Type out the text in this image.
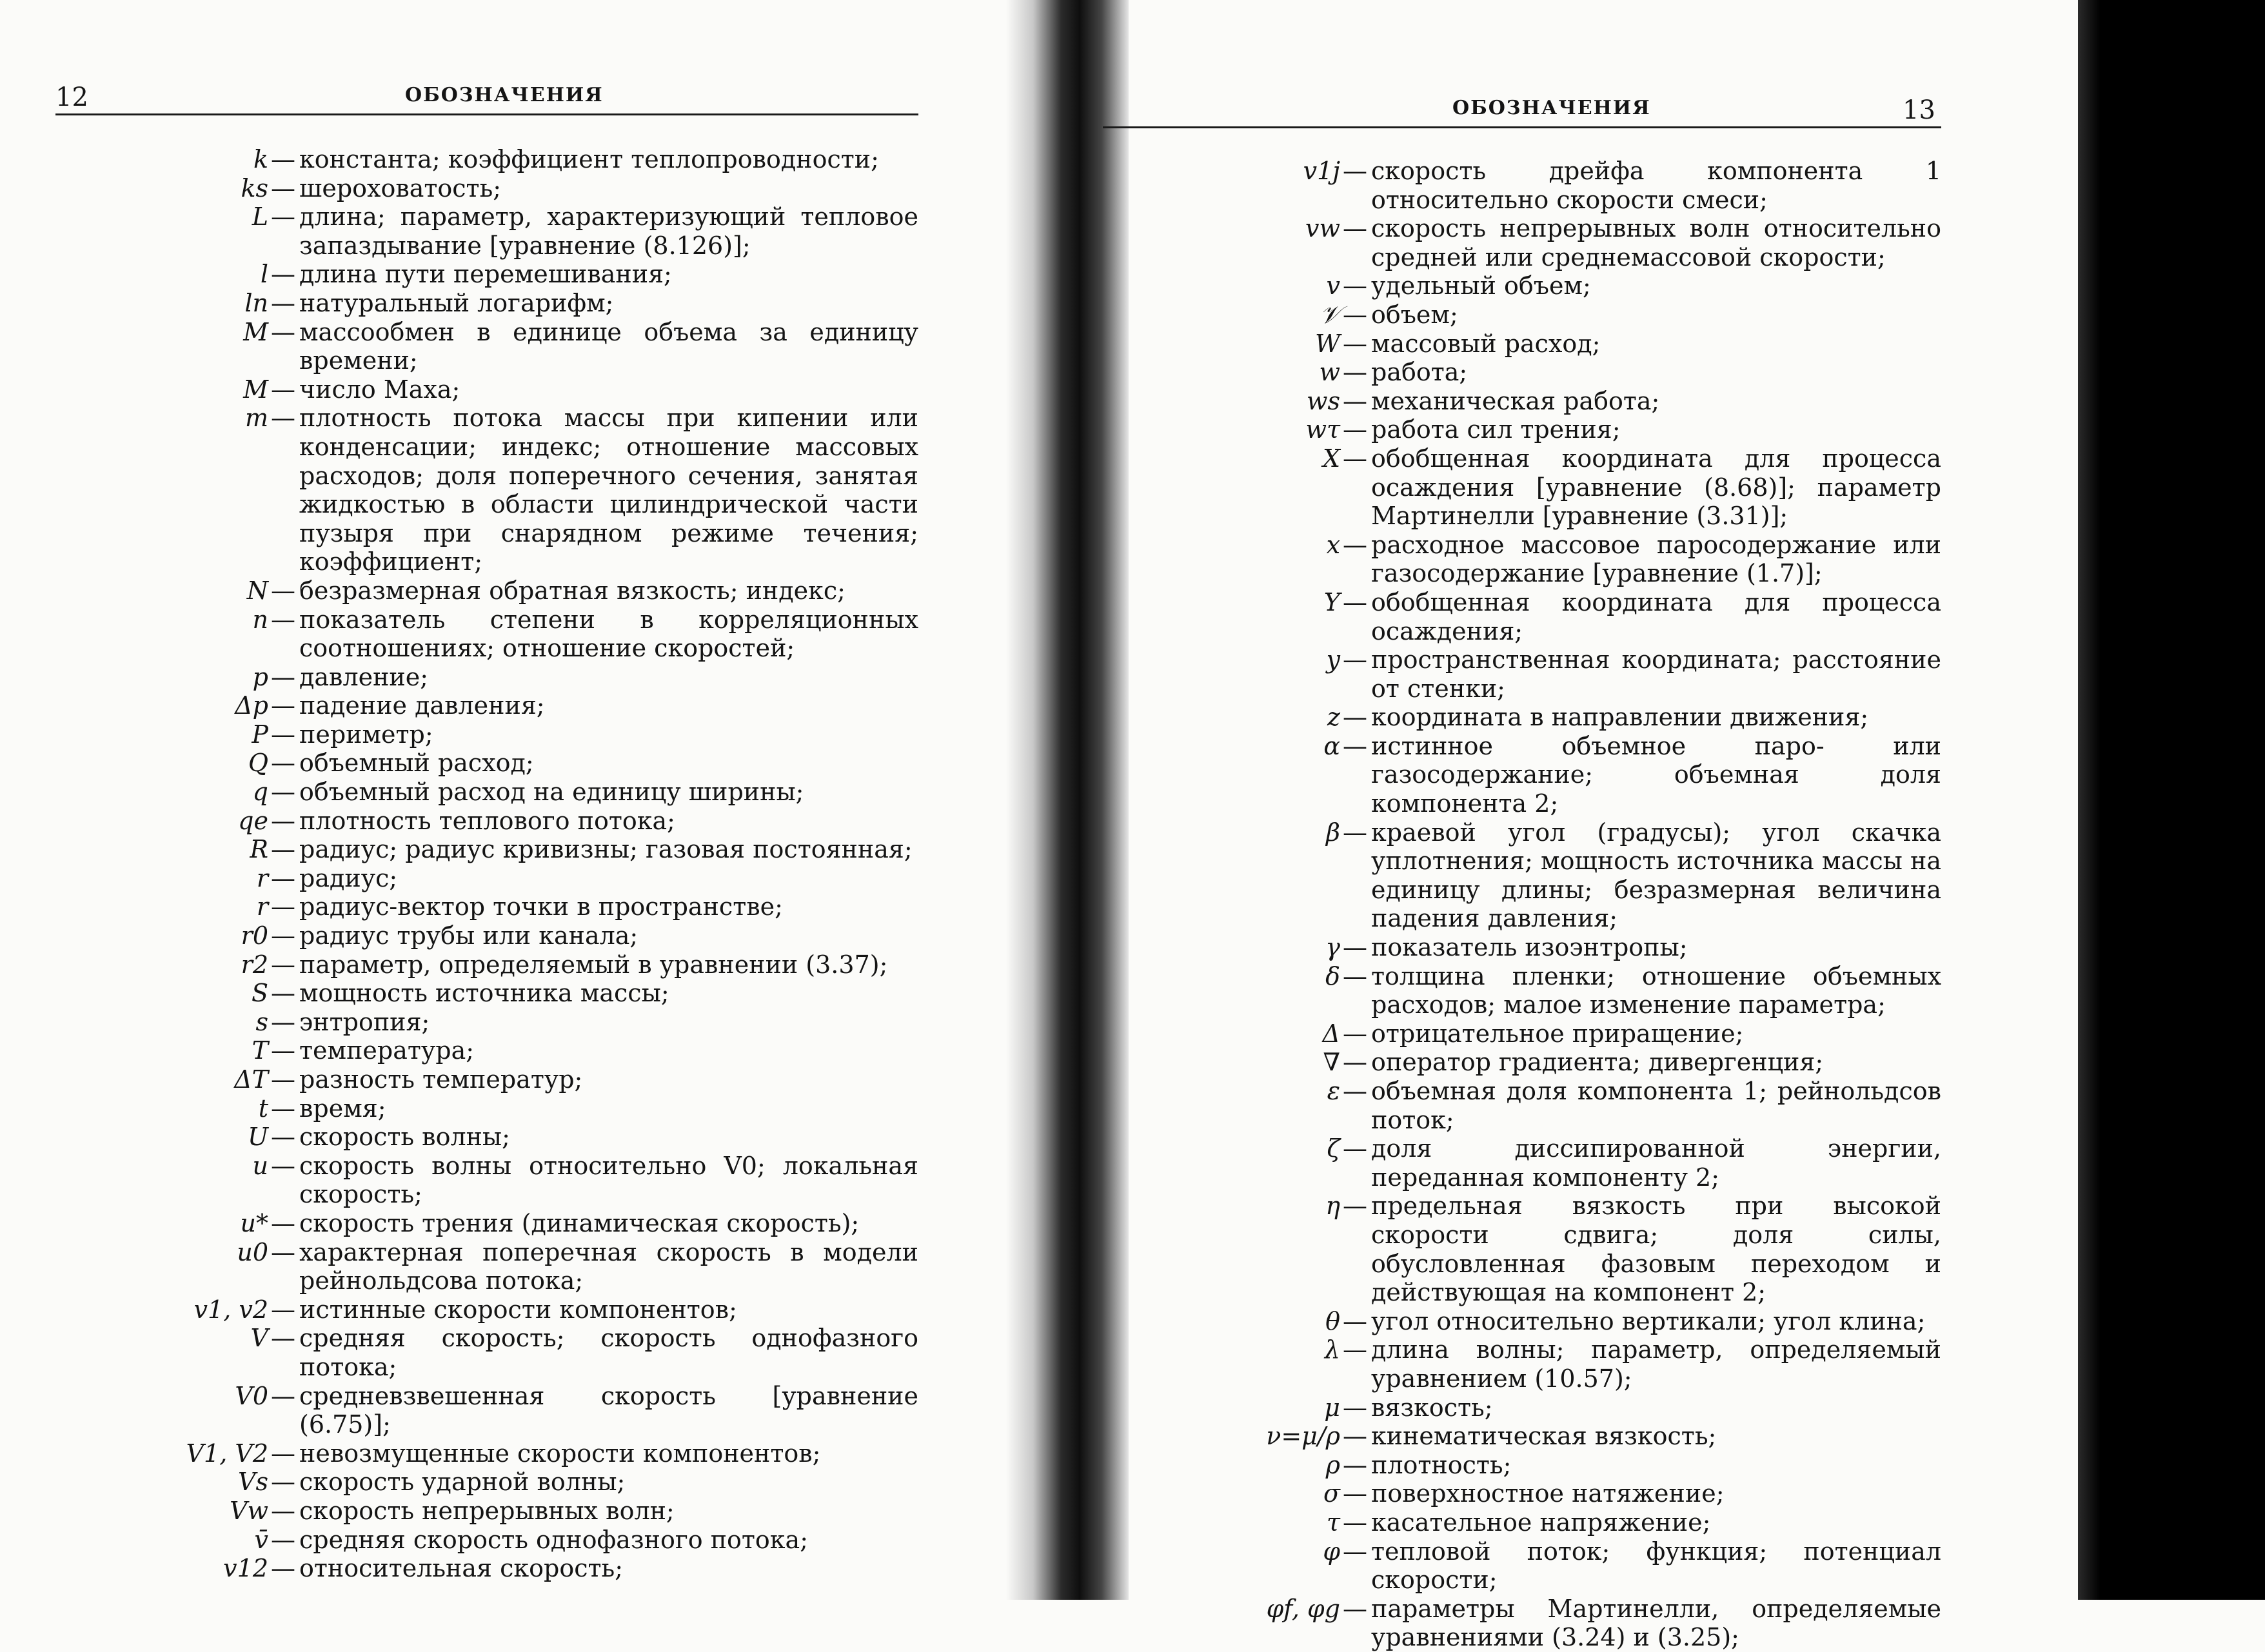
12	ОБОЗНАЧЕНИЯ
k — константа; коэффициент теплопроводности;
ks — шероховатость;
L — длина; параметр, характеризующий тепловое запаздывание [уравнение (8.126)];
l — длина пути перемешивания;
ln — натуральный логарифм;
M — массообмен в единице объема за единицу времени;
M — число Маха;
m — плотность потока массы при кипении или конденсации; индекс; отношение массовых расходов; доля поперечного сечения, занятая жидкостью в области цилиндрической части пузыря при снарядном режиме течения; коэффициент;
N — безразмерная обратная вязкость; индекс;
n — показатель степени в корреляционных соотношениях; отношение скоростей;
p — давление;
Δp — падение давления;
P — периметр;
Q — объемный расход;
q — объемный расход на единицу ширины;
qe — плотность теплового потока;
R — радиус; радиус кривизны; газовая постоянная;
r — радиус;
r — радиус-вектор точки в пространстве;
r0 — радиус трубы или канала;
r2 — параметр, определяемый в уравнении (3.37);
S — мощность источника массы;
s — энтропия;
T — температура;
ΔT — разность температур;
t — время;
U — скорость волны;
u — скорость волны относительно V0; локальная скорость;
u* — скорость трения (динамическая скорость);
u0 — характерная поперечная скорость в модели рейнольдсова потока;
v1, v2 — истинные скорости компонентов;
V — средняя скорость; скорость однофазного потока;
V0 — средневзвешенная скорость [уравнение (6.75)];
V1, V2 — невозмущенные скорости компонентов;
Vs — скорость ударной волны;
Vw — скорость непрерывных волн;
v̄ — средняя скорость однофазного потока;
v12 — относительная скорость;
ОБОЗНАЧЕНИЯ	13
v1j — скорость дрейфа компонента 1 относительно скорости смеси;
vw — скорость непрерывных волн относительно средней или среднемассовой скорости;
v — удельный объем;
𝒱 — объем;
W — массовый расход;
w — работа;
ws — механическая работа;
wτ — работа сил трения;
X — обобщенная координата для процесса осаждения [уравнение (8.68)]; параметр Мартинелли [уравнение (3.31)];
x — расходное массовое паросодержание или газосодержание [уравнение (1.7)];
Y — обобщенная координата для процесса осаждения;
y — пространственная координата; расстояние от стенки;
z — координата в направлении движения;
α — истинное объемное паро- или газосодержание; объемная доля компонента 2;
β — краевой угол (градусы); угол скачка уплотнения; мощность источника массы на единицу длины; безразмерная величина падения давления;
γ — показатель изоэнтропы;
δ — толщина пленки; отношение объемных расходов; малое изменение параметра;
Δ — отрицательное приращение;
∇ — оператор градиента; дивергенция;
ε — объемная доля компонента 1; рейнольдсов поток;
ζ — доля диссипированной энергии, переданная компоненту 2;
η — предельная вязкость при высокой скорости сдвига; доля силы, обусловленная фазовым переходом и действующая на компонент 2;
θ — угол относительно вертикали; угол клина;
λ — длина волны; параметр, определяемый уравнением (10.57);
μ — вязкость;
ν=μ/ρ — кинематическая вязкость;
ρ — плотность;
σ — поверхностное натяжение;
τ — касательное напряжение;
φ — тепловой поток; функция; потенциал скорости;
φf, φg — параметры Мартинелли, определяемые уравнениями (3.24) и (3.25);
